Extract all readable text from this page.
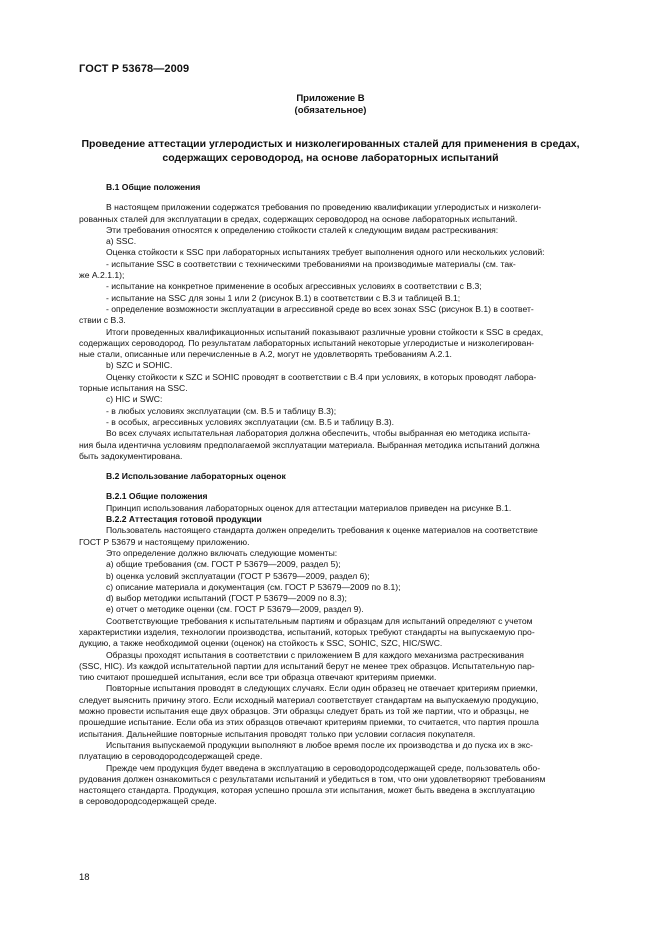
ГОСТ Р 53678—2009
Приложение В
(обязательное)
Проведение аттестации углеродистых и низколегированных сталей для применения в средах,
содержащих сероводород, на основе лабораторных испытаний

В.1 Общие положения

В настоящем приложении содержатся требования по проведению квалификации углеродистых и низколеги-

рованных сталей для эксплуатации в средах, содержащих сероводород на основе лабораторных испытаний.

Эти требования относятся к определению стойкости сталей к следующим видам растрескивания:

а) SSC.

Оценка стойкости к SSC при лабораторных испытаниях требует выполнения одного или нескольких условий:

- испытание SSC в соответствии с техническими требованиями на производимые материалы (см. так-

же А.2.1.1);

- испытание на конкретное применение в особых агрессивных условиях в соответствии с В.3;

- испытание на SSC для зоны 1 или 2 (рисунок В.1) в соответствии с В.3 и таблицей В.1;

- определение возможности эксплуатации в агрессивной среде во всех зонах SSC (рисунок В.1) в соответ-

ствии с В.3.

Итоги проведенных квалификационных испытаний показывают различные уровни стойкости к SSC в средах,

содержащих сероводород. По результатам лабораторных испытаний некоторые углеродистые и низколегирован-

ные стали, описанные или перечисленные в А.2, могут не удовлетворять требованиям А.2.1.

b) SZC и SOHIC.

Оценку стойкости к SZC и SOHIC проводят в соответствии с В.4 при условиях, в которых проводят лабора-

торные испытания на SSC.

с) HIC и SWC:

- в любых условиях эксплуатации (см. В.5 и таблицу В.3);

- в особых, агрессивных условиях эксплуатации (см. В.5 и таблицу В.3).

Во всех случаях испытательная лаборатория должна обеспечить, чтобы выбранная ею методика испыта-

ния была идентична условиям предполагаемой эксплуатации материала. Выбранная методика испытаний должна

быть задокументирована.

В.2 Использование лабораторных оценок

В.2.1 Общие положения

Принцип использования лабораторных оценок для аттестации материалов приведен на рисунке В.1.

В.2.2 Аттестация готовой продукции

Пользователь настоящего стандарта должен определить требования к оценке материалов на соответствие

ГОСТ Р 53679 и настоящему приложению.

Это определение должно включать следующие моменты:

а) общие требования (см. ГОСТ Р 53679—2009, раздел 5);

b) оценка условий эксплуатации (ГОСТ Р 53679—2009, раздел 6);

с) описание материала и документация (см. ГОСТ Р 53679—2009 по 8.1);

d) выбор методики испытаний (ГОСТ Р 53679—2009 по 8.3);

е) отчет о методике оценки (см. ГОСТ Р 53679—2009, раздел 9).

Соответствующие требования к испытательным партиям и образцам для испытаний определяют с учетом

характеристики изделия, технологии производства, испытаний, которых требуют стандарты на выпускаемую про-

дукцию, а также необходимой оценки (оценок) на стойкость к SSC, SOHIC, SZC, HIC/SWC.

Образцы проходят испытания в соответствии с приложением В для каждого механизма растрескивания

(SSC, HIC). Из каждой испытательной партии для испытаний берут не менее трех образцов. Испытательную пар-

тию считают прошедшей испытания, если все три образца отвечают критериям приемки.

Повторные испытания проводят в следующих случаях. Если один образец не отвечает критериям приемки,

следует выяснить причину этого. Если исходный материал соответствует стандартам на выпускаемую продукцию,

можно провести испытания еще двух образцов. Эти образцы следует брать из той же партии, что и образцы, не

прошедшие испытание. Если оба из этих образцов отвечают критериям приемки, то считается, что партия прошла

испытания. Дальнейшие повторные испытания проводят только при условии согласия покупателя.

Испытания выпускаемой продукции выполняют в любое время после их производства и до пуска их в экс-

плуатацию в сероводородсодержащей среде.

Прежде чем продукция будет введена в эксплуатацию в сероводородсодержащей среде, пользователь обо-

рудования должен ознакомиться с результатами испытаний и убедиться в том, что они удовлетворяют требованиям

настоящего стандарта. Продукция, которая успешно прошла эти испытания, может быть введена в эксплуатацию

в сероводородсодержащей среде.

18
